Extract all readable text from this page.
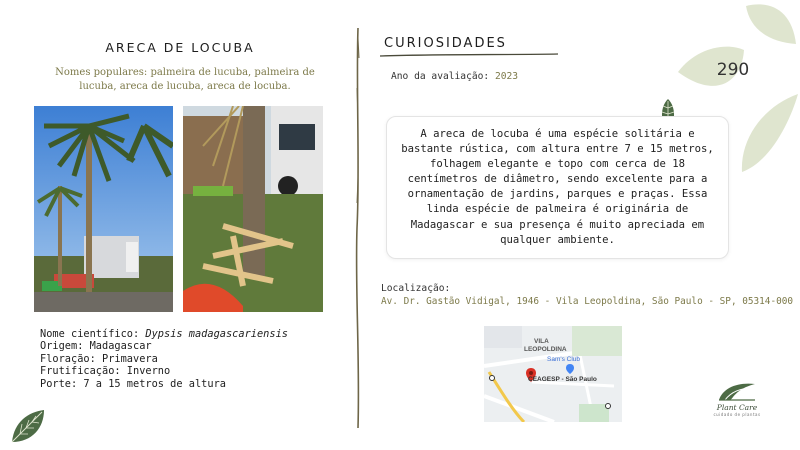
ARECA DE LOCUBA
Nomes populares: palmeira de lucuba, palmeira de lucuba, areca de lucuba, areca de locuba.
Nome científico: Dypsis madagascariensis
Origem: Madagascar
Floração: Primavera
Frutificação: Inverno
Porte: 7 a 15 metros de altura
CURIOSIDADES
Ano da avaliação: 2023	290
A areca de locuba é uma espécie solitária e bastante rústica, com altura entre 7 e 15 metros, folhagem elegante e topo com cerca de 18 centímetros de diâmetro, sendo excelente para a ornamentação de jardins, parques e praças. Essa linda espécie de palmeira é originária de Madagascar e sua presença é muito apreciada em qualquer ambiente.
Localização:
Av. Dr. Gastão Vidigal, 1946 - Vila Leopoldina, São Paulo - SP, 05314-000
VILA
LEOPOLDINA
Sam's Club
CEAGESP - São Paulo
Plant Care
cuidado de plantas
